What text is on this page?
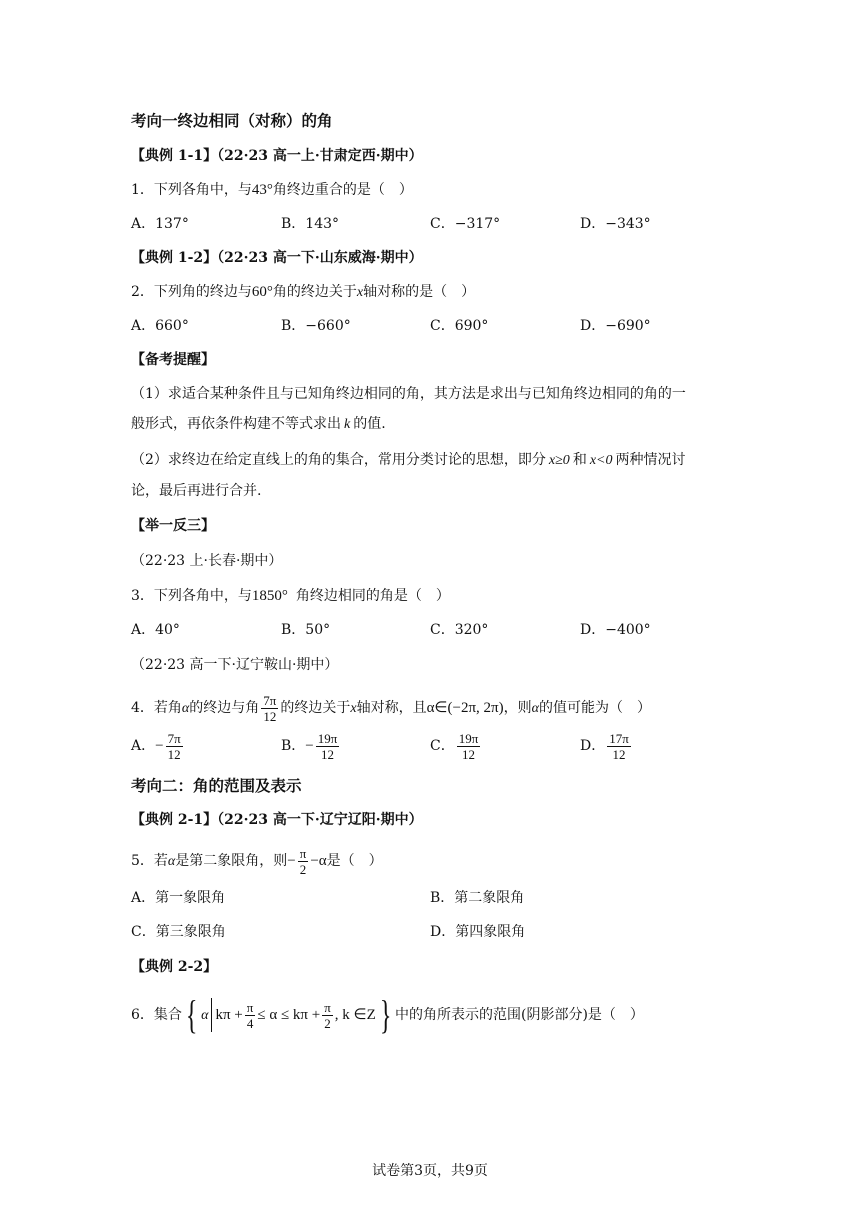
考向一终边相同（对称）的角
【典例 1-1】（22·23 高一上·甘肃定西·期中）
1．下列各角中，与43°角终边重合的是（　）
A．137°	B．143°	C．−317°	D．−343°
【典例 1-2】（22·23 高一下·山东威海·期中）
2．下列角的终边与60°角的终边关于x轴对称的是（　）
A．660°	B．−660°	C．690°	D．−690°
【备考提醒】
（1）求适合某种条件且与已知角终边相同的角，其方法是求出与已知角终边相同的角的一
般形式，再依条件构建不等式求出 k 的值.
（2）求终边在给定直线上的角的集合，常用分类讨论的思想，即分 x≥0 和 x<0 两种情况讨
论，最后再进行合并.
【举一反三】
（22·23 上·长春·期中）
3．下列各角中，与1850° 角终边相同的角是（　）
A．40°	B．50°	C．320°	D．−400°
（22·23 高一下·辽宁鞍山·期中）
4．若角α的终边与角 $\frac{7\pi}{12}$ 的终边关于x轴对称，且α∈(−2π, 2π)，则α的值可能为（　）
A．− $\frac{7\pi}{12}$	B．− $\frac{19\pi}{12}$	C． $\frac{19\pi}{12}$	D． $\frac{17\pi}{12}$
考向二：角的范围及表示
【典例 2-1】（22·23 高一下·辽宁辽阳·期中）
5．若α是第二象限角，则− $\frac{\pi}{2} -\alpha$是（　）
A．第一象限角	B．第二象限角
C．第三象限角	D．第四象限角
【典例 2-2】
6．集合{ α $k\pi + \frac{\pi}{4} \le \alpha \le k\pi + \frac{\pi}{2}$ , k ∈Z} 中的角所表示的范围(阴影部分)是（　）
试卷第3页，共9页
